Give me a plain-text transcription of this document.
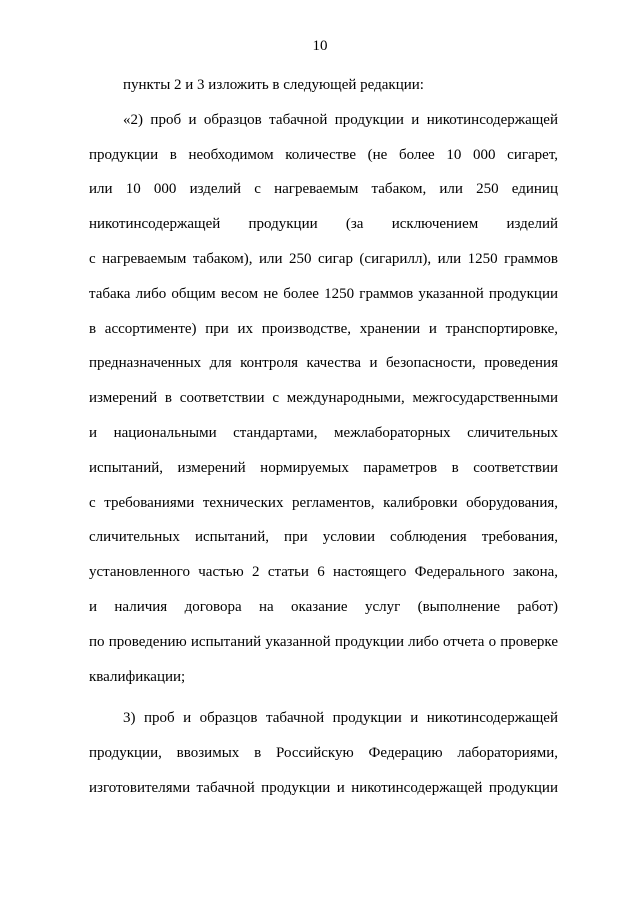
10
пункты 2 и 3 изложить в следующей редакции:
«2) проб и образцов табачной продукции и никотинсодержащей
продукции в необходимом количестве (не более 10 000 сигарет,
или 10 000 изделий с нагреваемым табаком, или 250 единиц
никотинсодержащей продукции (за исключением изделий
с нагреваемым табаком), или 250 сигар (сигарилл), или 1250 граммов
табака либо общим весом не более 1250 граммов указанной продукции
в ассортименте) при их производстве, хранении и транспортировке,
предназначенных для контроля качества и безопасности, проведения
измерений в соответствии с международными, межгосударственными
и национальными стандартами, межлабораторных сличительных
испытаний, измерений нормируемых параметров в соответствии
с требованиями технических регламентов, калибровки оборудования,
сличительных испытаний, при условии соблюдения требования,
установленного частью 2 статьи 6 настоящего Федерального закона,
и наличия договора на оказание услуг (выполнение работ)
по проведению испытаний указанной продукции либо отчета о проверке
квалификации;
3) проб и образцов табачной продукции и никотинсодержащей
продукции, ввозимых в Российскую Федерацию лабораториями,
изготовителями табачной продукции и никотинсодержащей продукции
